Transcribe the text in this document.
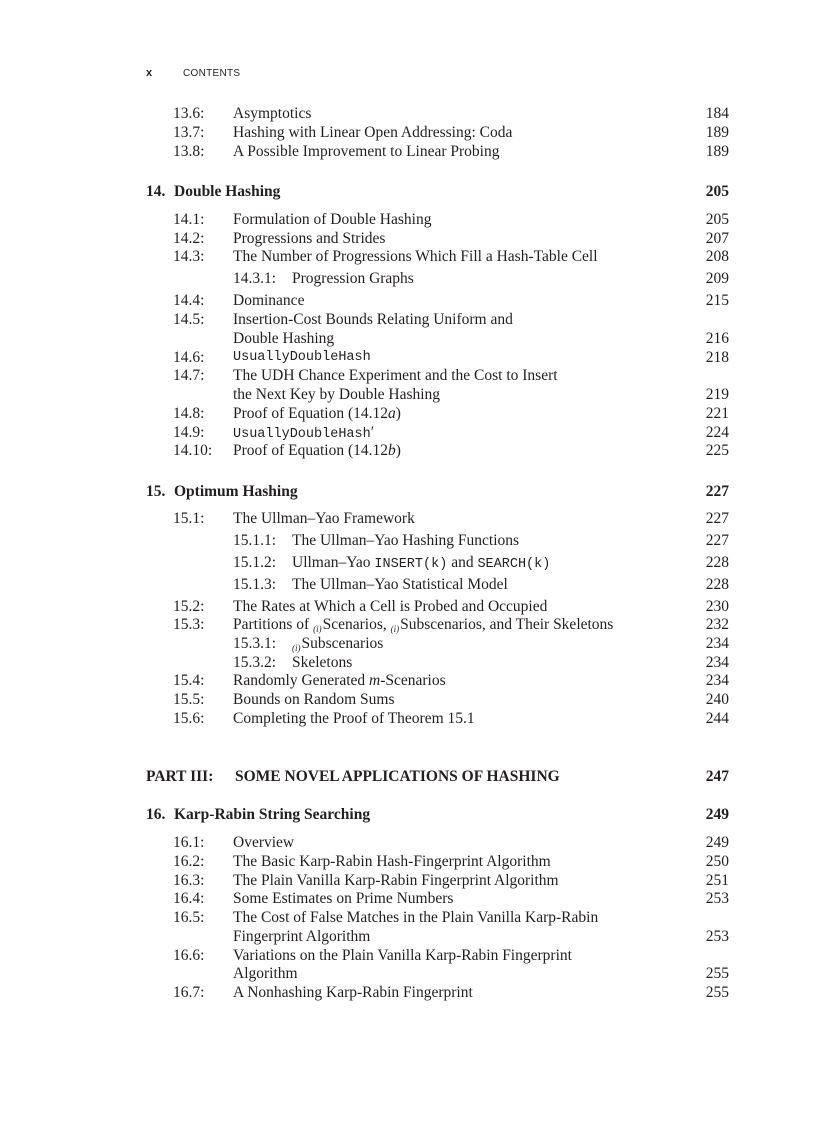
x	CONTENTS
13.6: Asymptotics	184
13.7: Hashing with Linear Open Addressing: Coda	189
13.8: A Possible Improvement to Linear Probing	189
14. Double Hashing	205
14.1: Formulation of Double Hashing	205
14.2: Progressions and Strides	207
14.3: The Number of Progressions Which Fill a Hash-Table Cell	208
14.3.1: Progression Graphs	209
14.4: Dominance	215
14.5: Insertion-Cost Bounds Relating Uniform and
Double Hashing	216
14.6: UsuallyDoubleHash	218
14.7: The UDH Chance Experiment and the Cost to Insert
the Next Key by Double Hashing	219
14.8: Proof of Equation (14.12a)	221
14.9: UsuallyDoubleHash′	224
14.10: Proof of Equation (14.12b)	225
15. Optimum Hashing	227
15.1: The Ullman–Yao Framework	227
15.1.1: The Ullman–Yao Hashing Functions	227
15.1.2: Ullman–Yao INSERT(k) and SEARCH(k)	228
15.1.3: The Ullman–Yao Statistical Model	228
15.2: The Rates at Which a Cell is Probed and Occupied	230
15.3: Partitions of (i)Scenarios, (i)Subscenarios, and Their Skeletons	232
15.3.1: (i)Subscenarios	234
15.3.2: Skeletons	234
15.4: Randomly Generated m-Scenarios	234
15.5: Bounds on Random Sums	240
15.6: Completing the Proof of Theorem 15.1	244
PART III: SOME NOVEL APPLICATIONS OF HASHING	247
16. Karp-Rabin String Searching	249
16.1: Overview	249
16.2: The Basic Karp-Rabin Hash-Fingerprint Algorithm	250
16.3: The Plain Vanilla Karp-Rabin Fingerprint Algorithm	251
16.4: Some Estimates on Prime Numbers	253
16.5: The Cost of False Matches in the Plain Vanilla Karp-Rabin
Fingerprint Algorithm	253
16.6: Variations on the Plain Vanilla Karp-Rabin Fingerprint
Algorithm	255
16.7: A Nonhashing Karp-Rabin Fingerprint	255
